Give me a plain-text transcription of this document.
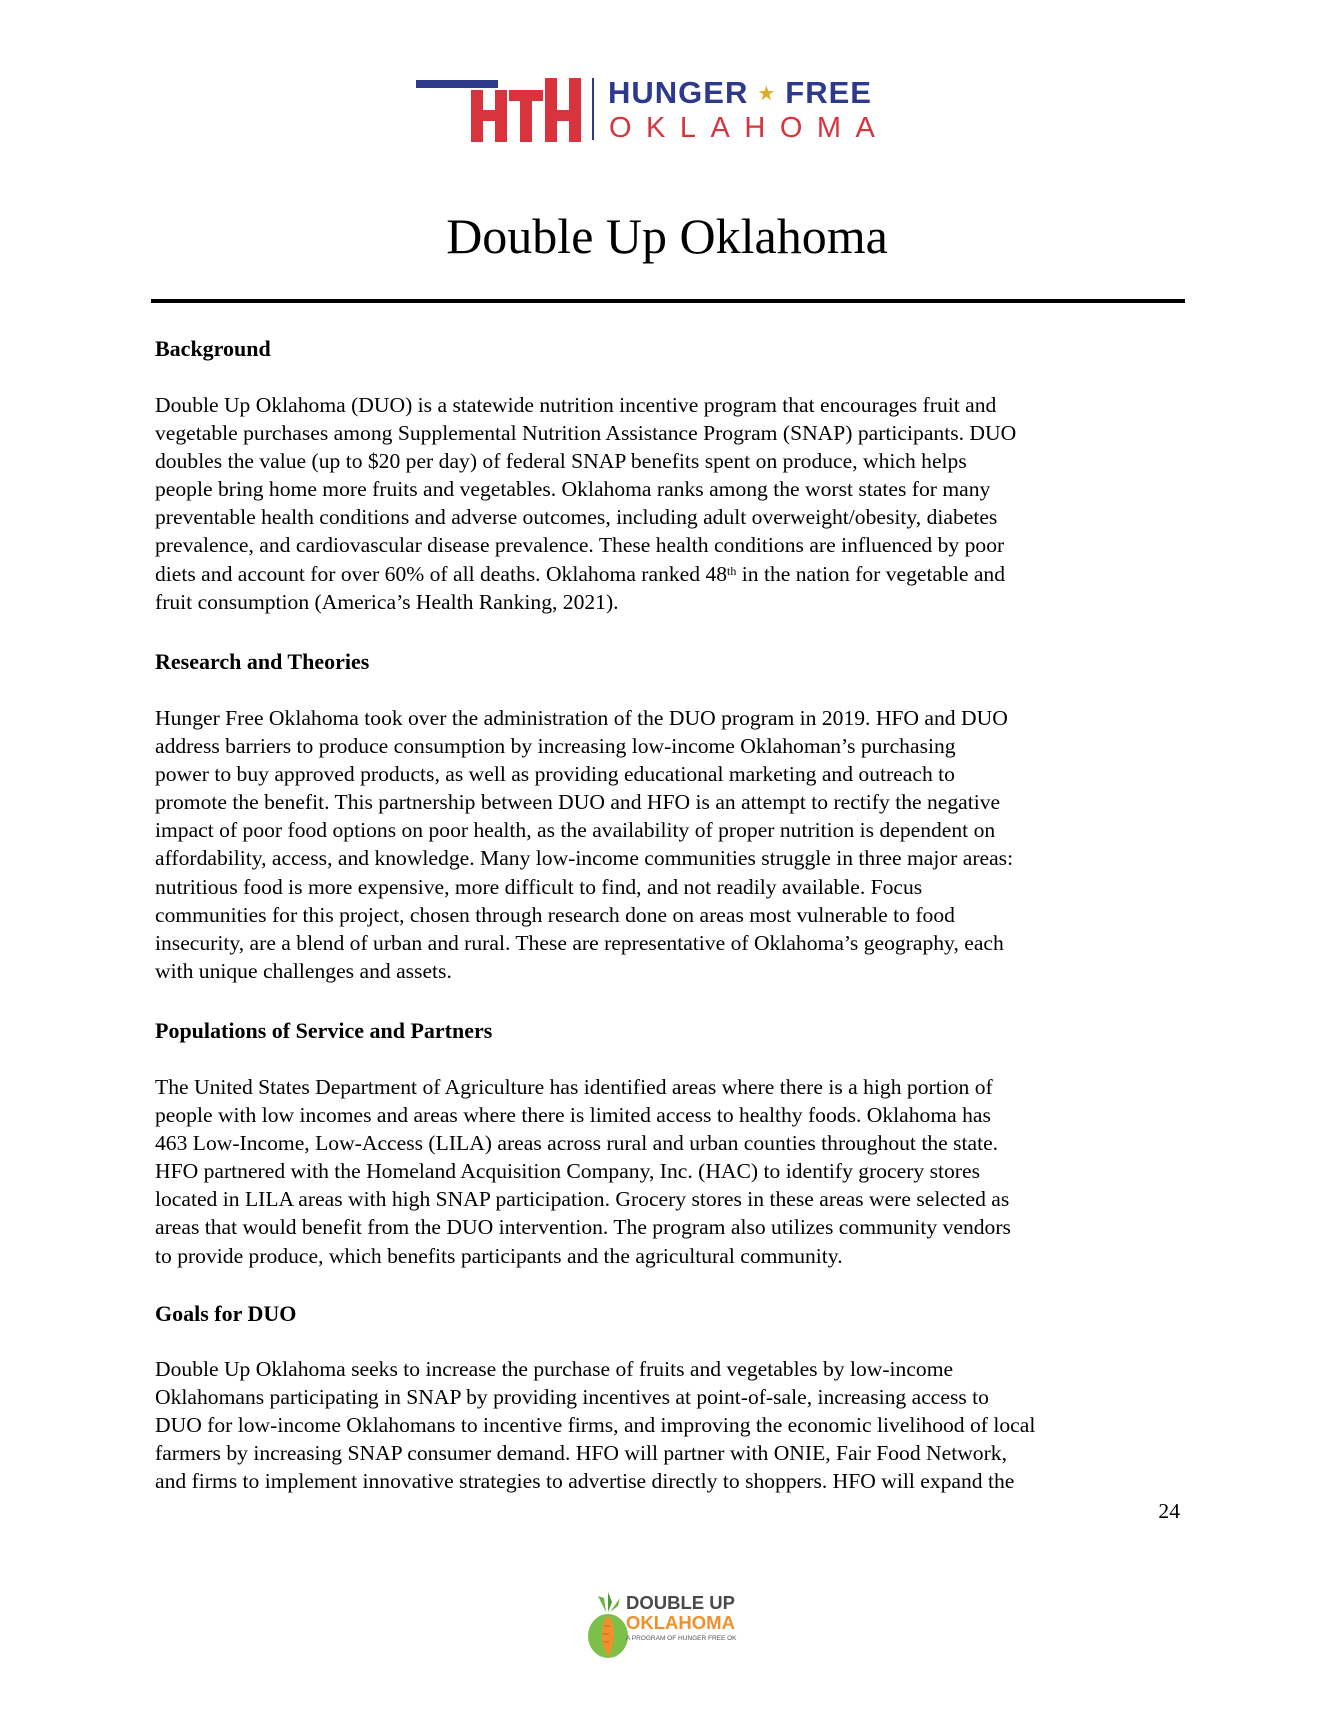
HUNGER ★ FREE
OKLAHOMA
Double Up Oklahoma
Background
Double Up Oklahoma (DUO) is a statewide nutrition incentive program that encourages fruit and
vegetable purchases among Supplemental Nutrition Assistance Program (SNAP) participants. DUO
doubles the value (up to $20 per day) of federal SNAP benefits spent on produce, which helps
people bring home more fruits and vegetables. Oklahoma ranks among the worst states for many
preventable health conditions and adverse outcomes, including adult overweight/obesity, diabetes
prevalence, and cardiovascular disease prevalence. These health conditions are influenced by poor
diets and account for over 60% of all deaths. Oklahoma ranked 48th in the nation for vegetable and
fruit consumption (America’s Health Ranking, 2021).
Research and Theories
Hunger Free Oklahoma took over the administration of the DUO program in 2019. HFO and DUO
address barriers to produce consumption by increasing low-income Oklahoman’s purchasing
power to buy approved products, as well as providing educational marketing and outreach to
promote the benefit. This partnership between DUO and HFO is an attempt to rectify the negative
impact of poor food options on poor health, as the availability of proper nutrition is dependent on
affordability, access, and knowledge. Many low-income communities struggle in three major areas:
nutritious food is more expensive, more difficult to find, and not readily available. Focus
communities for this project, chosen through research done on areas most vulnerable to food
insecurity, are a blend of urban and rural. These are representative of Oklahoma’s geography, each
with unique challenges and assets.
Populations of Service and Partners
The United States Department of Agriculture has identified areas where there is a high portion of
people with low incomes and areas where there is limited access to healthy foods. Oklahoma has
463 Low-Income, Low-Access (LILA) areas across rural and urban counties throughout the state.
HFO partnered with the Homeland Acquisition Company, Inc. (HAC) to identify grocery stores
located in LILA areas with high SNAP participation. Grocery stores in these areas were selected as
areas that would benefit from the DUO intervention. The program also utilizes community vendors
to provide produce, which benefits participants and the agricultural community.
Goals for DUO
Double Up Oklahoma seeks to increase the purchase of fruits and vegetables by low-income
Oklahomans participating in SNAP by providing incentives at point-of-sale, increasing access to
DUO for low-income Oklahomans to incentive firms, and improving the economic livelihood of local
farmers by increasing SNAP consumer demand. HFO will partner with ONIE, Fair Food Network,
and firms to implement innovative strategies to advertise directly to shoppers. HFO will expand the
24
DOUBLE UP
OKLAHOMA
A PROGRAM OF HUNGER FREE OK
